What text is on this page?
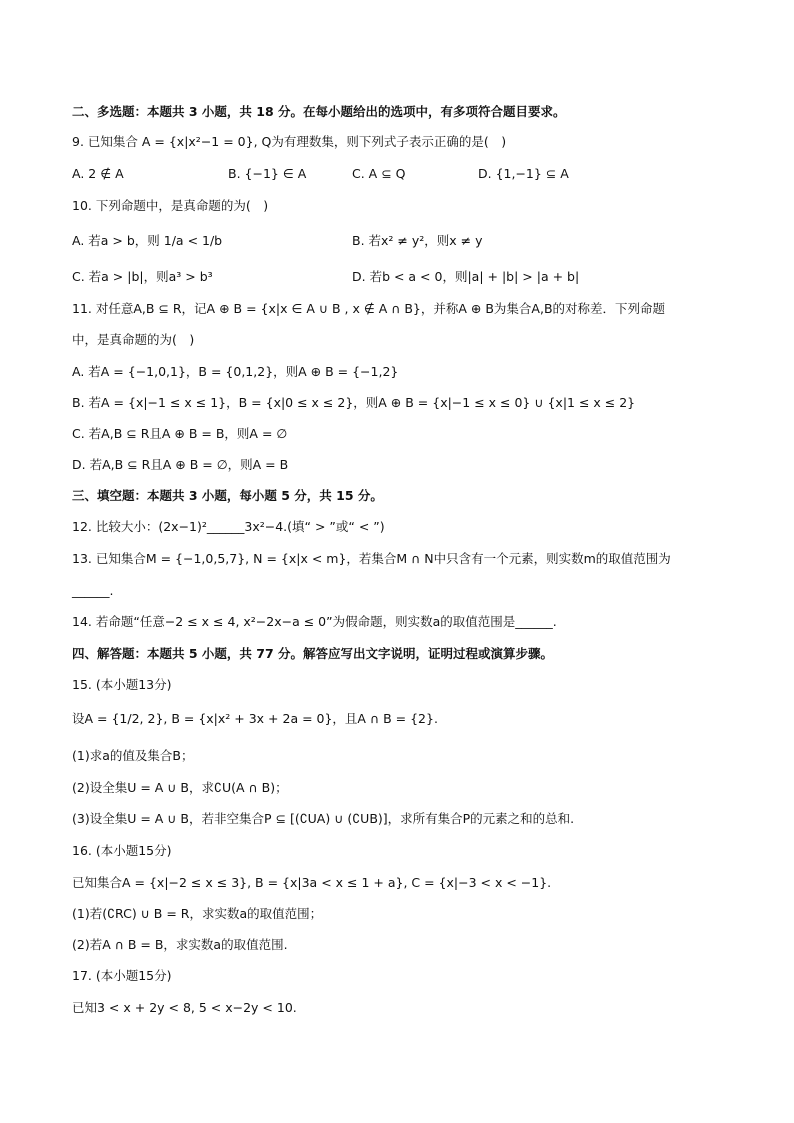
二、多选题：本题共 3 小题，共 18 分。在每小题给出的选项中，有多项符合题目要求。
9. 已知集合 A = {x|x²−1 = 0}, Q为有理数集，则下列式子表示正确的是(　)
A. 2 ∉ A	B. {−1} ∈ A	C. A ⊆ Q	D. {1,−1} ⊆ A
10. 下列命题中，是真命题的为(　)
A. 若a > b，则 1/a < 1/b	B. 若x² ≠ y²，则x ≠ y
C. 若a > |b|，则a³ > b³	D. 若b < a < 0，则|a| + |b| > |a + b|
11. 对任意A,B ⊆ R，记A ⊕ B = {x|x ∈ A ∪ B , x ∉ A ∩ B}，并称A ⊕ B为集合A,B的对称差．下列命题
中，是真命题的为(　)
A. 若A = {−1,0,1}，B = {0,1,2}，则A ⊕ B = {−1,2}
B. 若A = {x|−1 ≤ x ≤ 1}，B = {x|0 ≤ x ≤ 2}，则A ⊕ B = {x|−1 ≤ x ≤ 0} ∪ {x|1 ≤ x ≤ 2}
C. 若A,B ⊆ R且A ⊕ B = B，则A = ∅
D. 若A,B ⊆ R且A ⊕ B = ∅，则A = B
三、填空题：本题共 3 小题，每小题 5 分，共 15 分。
12. 比较大小：(2x−1)²______3x²−4.(填“ > ”或“ < ”)
13. 已知集合M = {−1,0,5,7}, N = {x|x < m}，若集合M ∩ N中只含有一个元素，则实数m的取值范围为
______.
14. 若命题“任意−2 ≤ x ≤ 4, x²−2x−a ≤ 0”为假命题，则实数a的取值范围是______.
四、解答题：本题共 5 小题，共 77 分。解答应写出文字说明，证明过程或演算步骤。
15. (本小题13分)
设A = {1/2, 2}, B = {x|x² + 3x + 2a = 0}，且A ∩ B = {2}.
(1)求a的值及集合B；
(2)设全集U = A ∪ B，求∁U(A ∩ B)；
(3)设全集U = A ∪ B，若非空集合P ⊆ [(∁UA) ∪ (∁UB)]，求所有集合P的元素之和的总和.
16. (本小题15分)
已知集合A = {x|−2 ≤ x ≤ 3}, B = {x|3a < x ≤ 1 + a}, C = {x|−3 < x < −1}.
(1)若(∁RC) ∪ B = R，求实数a的取值范围；
(2)若A ∩ B = B，求实数a的取值范围.
17. (本小题15分)
已知3 < x + 2y < 8, 5 < x−2y < 10.
